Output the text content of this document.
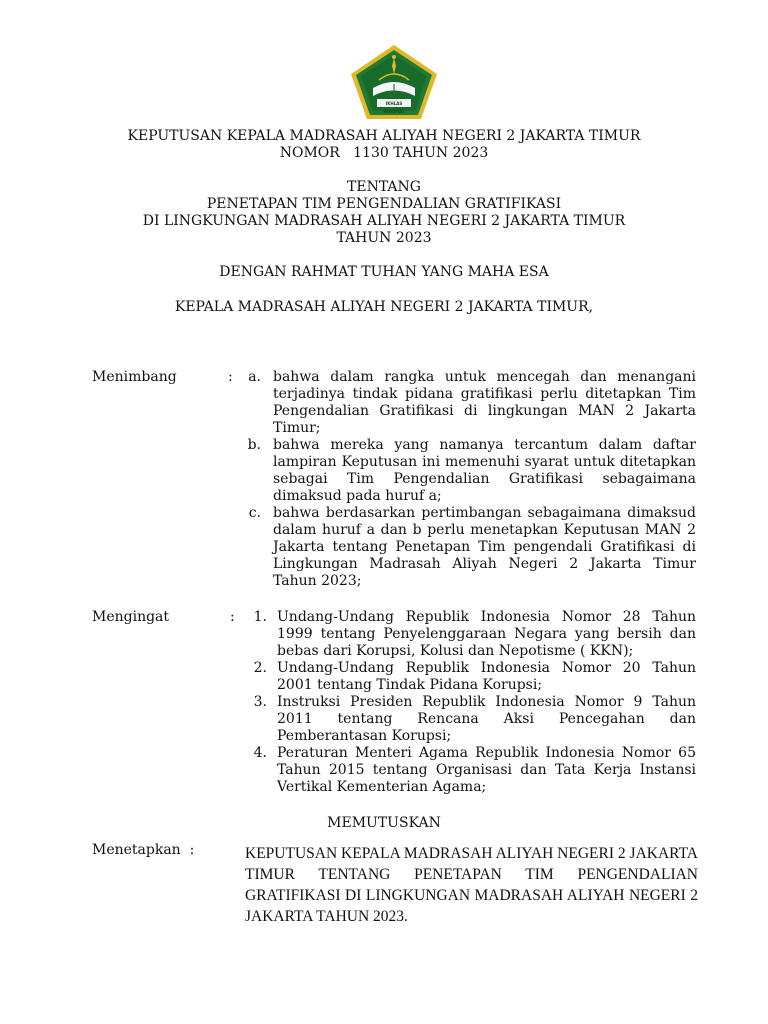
IKHLAS BERAMAL
KEPUTUSAN KEPALA MADRASAH ALIYAH NEGERI 2 JAKARTA TIMUR
NOMOR   1130 TAHUN 2023
TENTANG
PENETAPAN TIM PENGENDALIAN GRATIFIKASI
DI LINGKUNGAN MADRASAH ALIYAH NEGERI 2 JAKARTA TIMUR
TAHUN 2023
DENGAN RAHMAT TUHAN YANG MAHA ESA
KEPALA MADRASAH ALIYAH NEGERI 2 JAKARTA TIMUR,
Menimbang	:	a. bahwa dalam rangka untuk mencegah dan menangani terjadinya tindak pidana gratifikasi perlu ditetapkan Tim Pengendalian Gratifikasi di lingkungan MAN 2 Jakarta Timur;
b. bahwa mereka yang namanya tercantum dalam daftar lampiran Keputusan ini memenuhi syarat untuk ditetapkan sebagai Tim Pengendalian Gratifikasi sebagaimana dimaksud pada huruf a;
c. bahwa berdasarkan pertimbangan sebagaimana dimaksud dalam huruf a dan b perlu menetapkan Keputusan MAN 2 Jakarta tentang Penetapan Tim pengendali Gratifikasi di Lingkungan Madrasah Aliyah Negeri 2 Jakarta Timur Tahun 2023;
Mengingat	:	1. Undang-Undang Republik Indonesia Nomor 28 Tahun 1999 tentang Penyelenggaraan Negara yang bersih dan bebas dari Korupsi, Kolusi dan Nepotisme ( KKN);
2. Undang-Undang Republik Indonesia Nomor 20 Tahun 2001 tentang Tindak Pidana Korupsi;
3. Instruksi Presiden Republik Indonesia Nomor 9 Tahun 2011 tentang Rencana Aksi Pencegahan dan Pemberantasan Korupsi;
4. Peraturan Menteri Agama Republik Indonesia Nomor 65 Tahun 2015 tentang Organisasi dan Tata Kerja Instansi Vertikal Kementerian Agama;
MEMUTUSKAN
Menetapkan  :	KEPUTUSAN KEPALA MADRASAH ALIYAH NEGERI 2 JAKARTA TIMUR TENTANG PENETAPAN TIM PENGENDALIAN GRATIFIKASI DI LINGKUNGAN MADRASAH ALIYAH NEGERI 2 JAKARTA TAHUN 2023.
